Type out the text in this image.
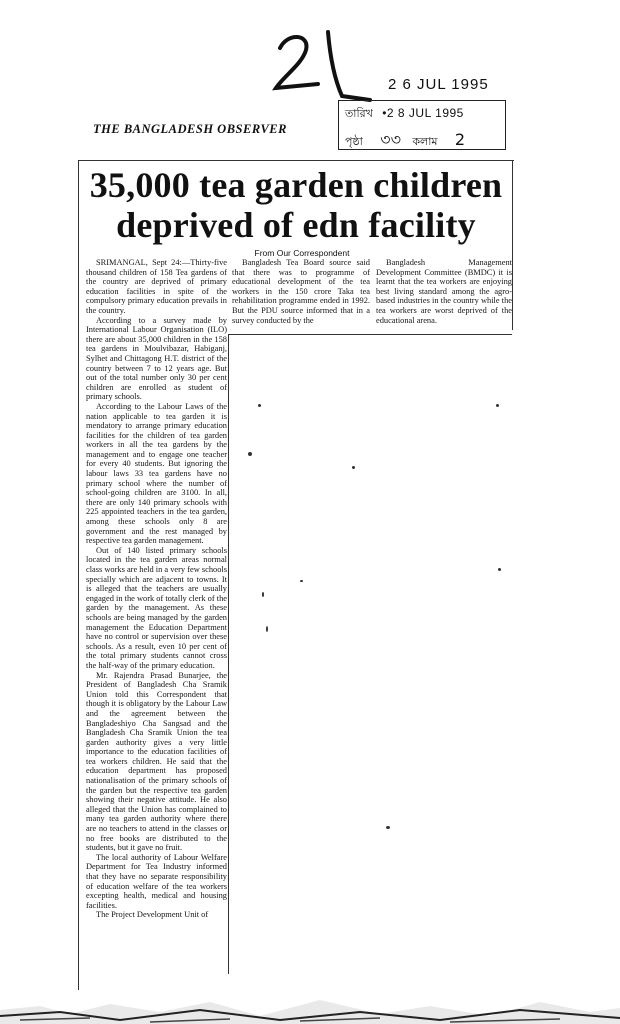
2 6 JUL 1995
তারিখ •2 8 JUL 1995
পৃষ্ঠা ৩৩ কলাম 2
THE BANGLADESH OBSERVER
35,000 tea garden children
deprived of edn facility
From Our Correspondent

SRIMANGAL, Sept 24:—Thirty-five thousand children of 158 Tea gardens of the country are deprived of primary education facilities in spite of the compulsory primary education prevails in the country.

According to a survey made by International Labour Organisation (ILO) there are about 35,000 children in the 158 tea gardens in Moulvibazar, Habiganj, Sylhet and Chittagong H.T. district of the country between 7 to 12 years age. But out of the total number only 30 per cent children are enrolled as student of primary schools.

According to the Labour Laws of the nation applicable to tea garden it is mendatory to arrange primary education facilities for the children of tea garden workers in all the tea gardens by the management and to engage one teacher for every 40 students. But ignoring the labour laws 33 tea gardens have no primary school where the number of school-going children are 3100. In all, there are only 140 primary schools with 225 appointed teachers in the tea garden, among these schools only 8 are government and the rest managed by respective tea garden management.

Out of 140 listed primary schools located in the tea garden areas normal class works are held in a very few schools specially which are adjacent to towns. It is alleged that the teachers are usually engaged in the work of totally clerk of the garden by the management. As these schools are being managed by the garden management the Education Department have no control or supervision over these schools. As a result, even 10 per cent of the total primary students cannot cross the half-way of the primary education.

Mr. Rajendra Prasad Bunarjee, the President of Bangladesh Cha Sramik Union told this Correspondent that though it is obligatory by the Labour Law and the agreement between the Bangladeshiyo Cha Sangsad and the Bangladesh Cha Sramik Union the tea garden authority gives a very little importance to the education facilities of tea workers children. He said that the education department has proposed nationalisation of the primary schools of the garden but the respective tea garden showing their negative attitude. He also alleged that the Union has complained to many tea garden authority where there are no teachers to attend in the classes or no free books are distributed to the students, but it gave no fruit.

The local authority of Labour Welfare Department for Tea Industry informed that they have no separate responsibility of education welfare of the tea workers excepting health, medical and housing facilities.

The Project Development Unit of

Bangladesh Tea Board source said that there was to programme of educational development of the tea workers in the 150 crore Taka tea rehabilitation programme ended in 1992. But the PDU source informed that in a survey conducted by the

Bangladesh Management Development Committee (BMDC) it is learnt that the tea workers are enjoying best living standard among the agro-based industries in the country while the tea workers are worst deprived of the educational arena.
